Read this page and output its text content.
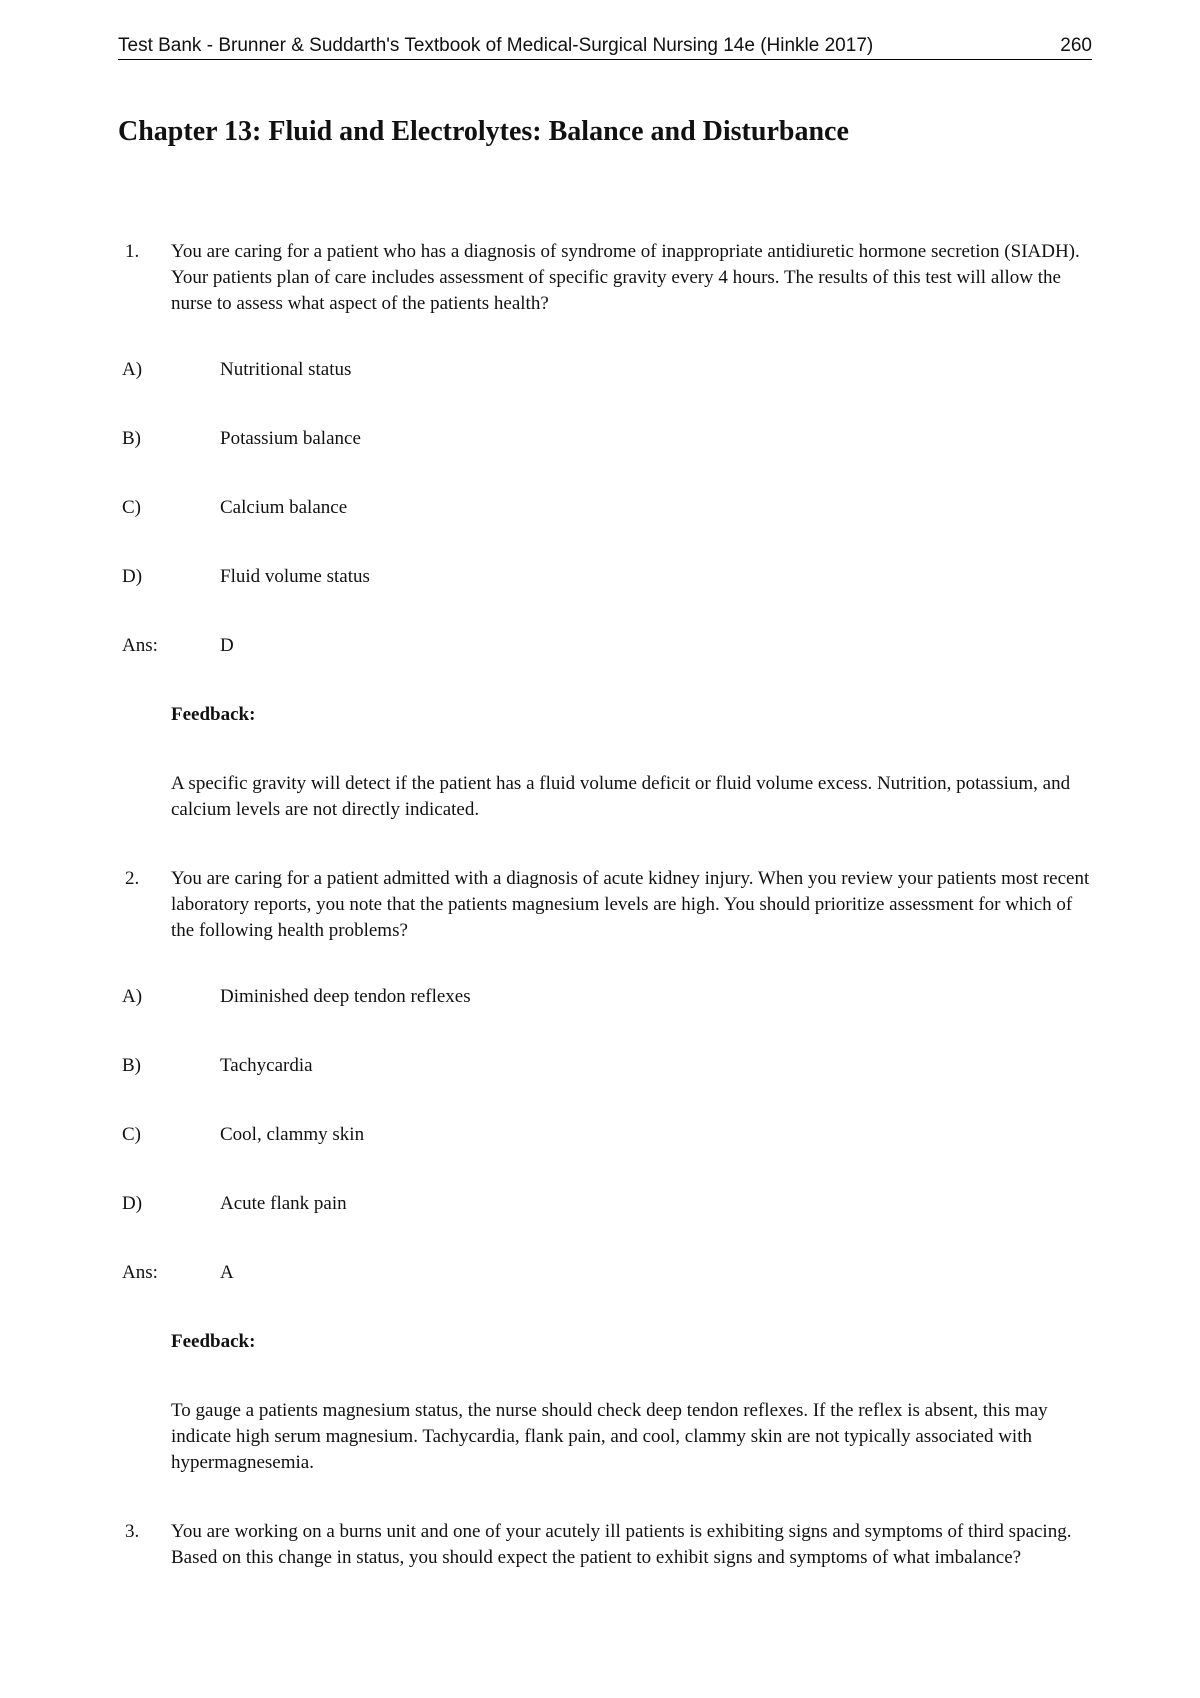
Test Bank - Brunner & Suddarth's Textbook of Medical-Surgical Nursing 14e (Hinkle 2017)	260
Chapter 13: Fluid and Electrolytes: Balance and Disturbance
1. You are caring for a patient who has a diagnosis of syndrome of inappropriate antidiuretic hormone secretion (SIADH). Your patients plan of care includes assessment of specific gravity every 4 hours. The results of this test will allow the nurse to assess what aspect of the patients health?

A)	Nutritional status
B)	Potassium balance
C)	Calcium balance
D)	Fluid volume status
Ans:	D
Feedback:

A specific gravity will detect if the patient has a fluid volume deficit or fluid volume excess. Nutrition, potassium, and calcium levels are not directly indicated.

2. You are caring for a patient admitted with a diagnosis of acute kidney injury. When you review your patients most recent laboratory reports, you note that the patients magnesium levels are high. You should prioritize assessment for which of the following health problems?

A)	Diminished deep tendon reflexes
B)	Tachycardia
C)	Cool, clammy skin
D)	Acute flank pain
Ans:	A
Feedback:

To gauge a patients magnesium status, the nurse should check deep tendon reflexes. If the reflex is absent, this may indicate high serum magnesium. Tachycardia, flank pain, and cool, clammy skin are not typically associated with hypermagnesemia.

3. You are working on a burns unit and one of your acutely ill patients is exhibiting signs and symptoms of third spacing. Based on this change in status, you should expect the patient to exhibit signs and symptoms of what imbalance?
